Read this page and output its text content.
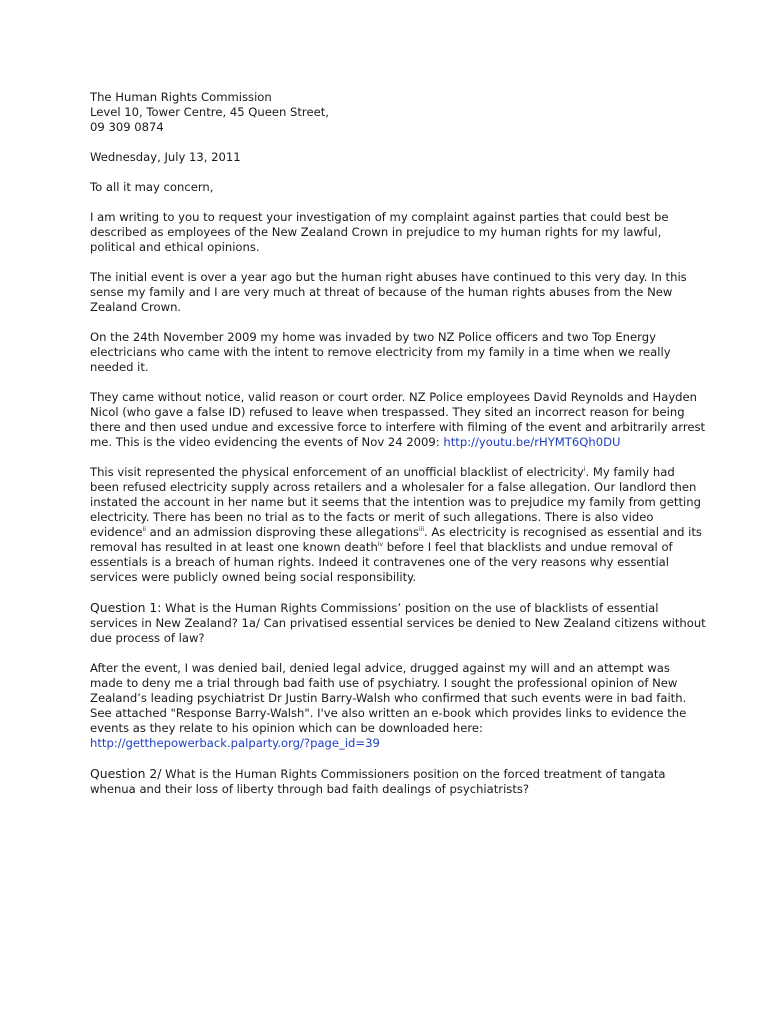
The Human Rights Commission
Level 10, Tower Centre, 45 Queen Street,
09 309 0874
Wednesday, July 13, 2011
To all it may concern,
I am writing to you to request your investigation of my complaint against parties that could best be
described as employees of the New Zealand Crown in prejudice to my human rights for my lawful,
political and ethical opinions.
The initial event is over a year ago but the human right abuses have continued to this very day. In this
sense my family and I are very much at threat of because of the human rights abuses from the New
Zealand Crown.
On the 24th November 2009 my home was invaded by two NZ Police officers and two Top Energy
electricians who came with the intent to remove electricity from my family in a time when we really
needed it.
They came without notice, valid reason or court order. NZ Police employees David Reynolds and Hayden
Nicol (who gave a false ID) refused to leave when trespassed. They sited an incorrect reason for being
there and then used undue and excessive force to interfere with filming of the event and arbitrarily arrest
me. This is the video evidencing the events of Nov 24 2009: http://youtu.be/rHYMT6Qh0DU
This visit represented the physical enforcement of an unofficial blacklist of electricity$^i$. My family had
been refused electricity supply across retailers and a wholesaler for a false allegation. Our landlord then
instated the account in her name but it seems that the intention was to prejudice my family from getting
electricity. There has been no trial as to the facts or merit of such allegations. There is also video
evidence$^{ii}$ and an admission disproving these allegations$^{iii}$. As electricity is recognised as essential and its
removal has resulted in at least one known death$^{iv}$ before I feel that blacklists and undue removal of
essentials is a breach of human rights. Indeed it contravenes one of the very reasons why essential
services were publicly owned being social responsibility.
Question 1: What is the Human Rights Commissions’ position on the use of blacklists of essential
services in New Zealand? 1a/ Can privatised essential services be denied to New Zealand citizens without
due process of law?
After the event, I was denied bail, denied legal advice, drugged against my will and an attempt was
made to deny me a trial through bad faith use of psychiatry. I sought the professional opinion of New
Zealand’s leading psychiatrist Dr Justin Barry-Walsh who confirmed that such events were in bad faith.
See attached "Response Barry-Walsh". I've also written an e-book which provides links to evidence the
events as they relate to his opinion which can be downloaded here:
http://getthepowerback.palparty.org/?page_id=39
Question 2/ What is the Human Rights Commissioners position on the forced treatment of tangata
whenua and their loss of liberty through bad faith dealings of psychiatrists?
